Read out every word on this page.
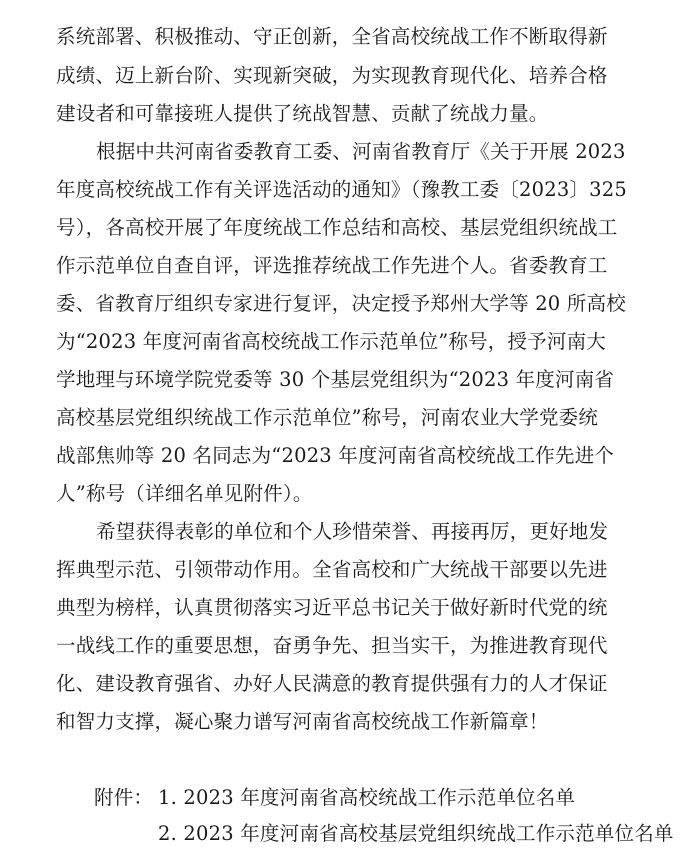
系统部署、积极推动、守正创新，全省高校统战工作不断取得新
成绩、迈上新台阶、实现新突破，为实现教育现代化、培养合格
建设者和可靠接班人提供了统战智慧、贡献了统战力量。
根据中共河南省委教育工委、河南省教育厅《关于开展 2023
年度高校统战工作有关评选活动的通知》（豫教工委〔2023〕325
号），各高校开展了年度统战工作总结和高校、基层党组织统战工
作示范单位自查自评，评选推荐统战工作先进个人。省委教育工
委、省教育厅组织专家进行复评，决定授予郑州大学等 20 所高校
为“2023 年度河南省高校统战工作示范单位”称号，授予河南大
学地理与环境学院党委等 30 个基层党组织为“2023 年度河南省
高校基层党组织统战工作示范单位”称号，河南农业大学党委统
战部焦帅等 20 名同志为“2023 年度河南省高校统战工作先进个
人”称号（详细名单见附件）。
希望获得表彰的单位和个人珍惜荣誉、再接再厉，更好地发
挥典型示范、引领带动作用。全省高校和广大统战干部要以先进
典型为榜样，认真贯彻落实习近平总书记关于做好新时代党的统
一战线工作的重要思想，奋勇争先、担当实干，为推进教育现代
化、建设教育强省、办好人民满意的教育提供强有力的人才保证
和智力支撑，凝心聚力谱写河南省高校统战工作新篇章！
附件： 1. 2023 年度河南省高校统战工作示范单位名单
2. 2023 年度河南省高校基层党组织统战工作示范单位名单
